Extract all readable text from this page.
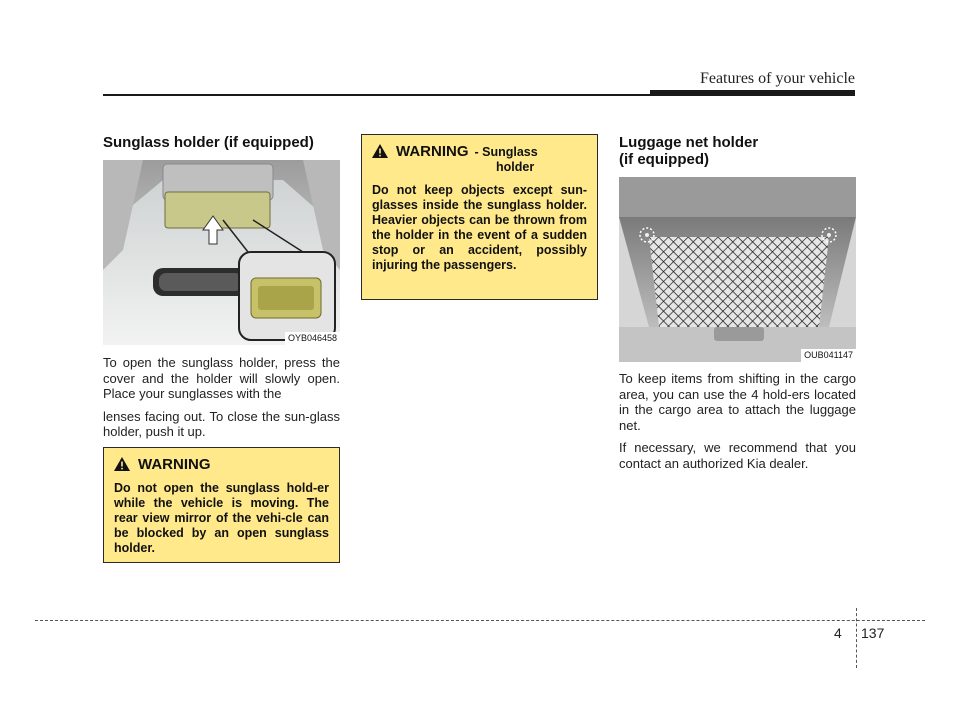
Features of your vehicle
Sunglass holder (if equipped)
OYB046458

To open the sunglass holder, press the cover and the holder will slowly open. Place your sunglasses with the

lenses facing out. To close the sun-glass holder, push it up.

WARNING
Do not open the sunglass hold-er while the vehicle is moving. The rear view mirror of the vehi-cle can be blocked by an open sunglass holder.
WARNING - Sunglass
holder
Do not keep objects except sun-glasses inside the sunglass holder. Heavier objects can be thrown from the holder in the event of a sudden stop or an accident, possibly injuring the passengers.
Luggage net holder
(if equipped)
OUB041147

To keep items from shifting in the cargo area, you can use the 4 hold-ers located in the cargo area to attach the luggage net.

If necessary, we recommend that you contact an authorized Kia dealer.

4 137
